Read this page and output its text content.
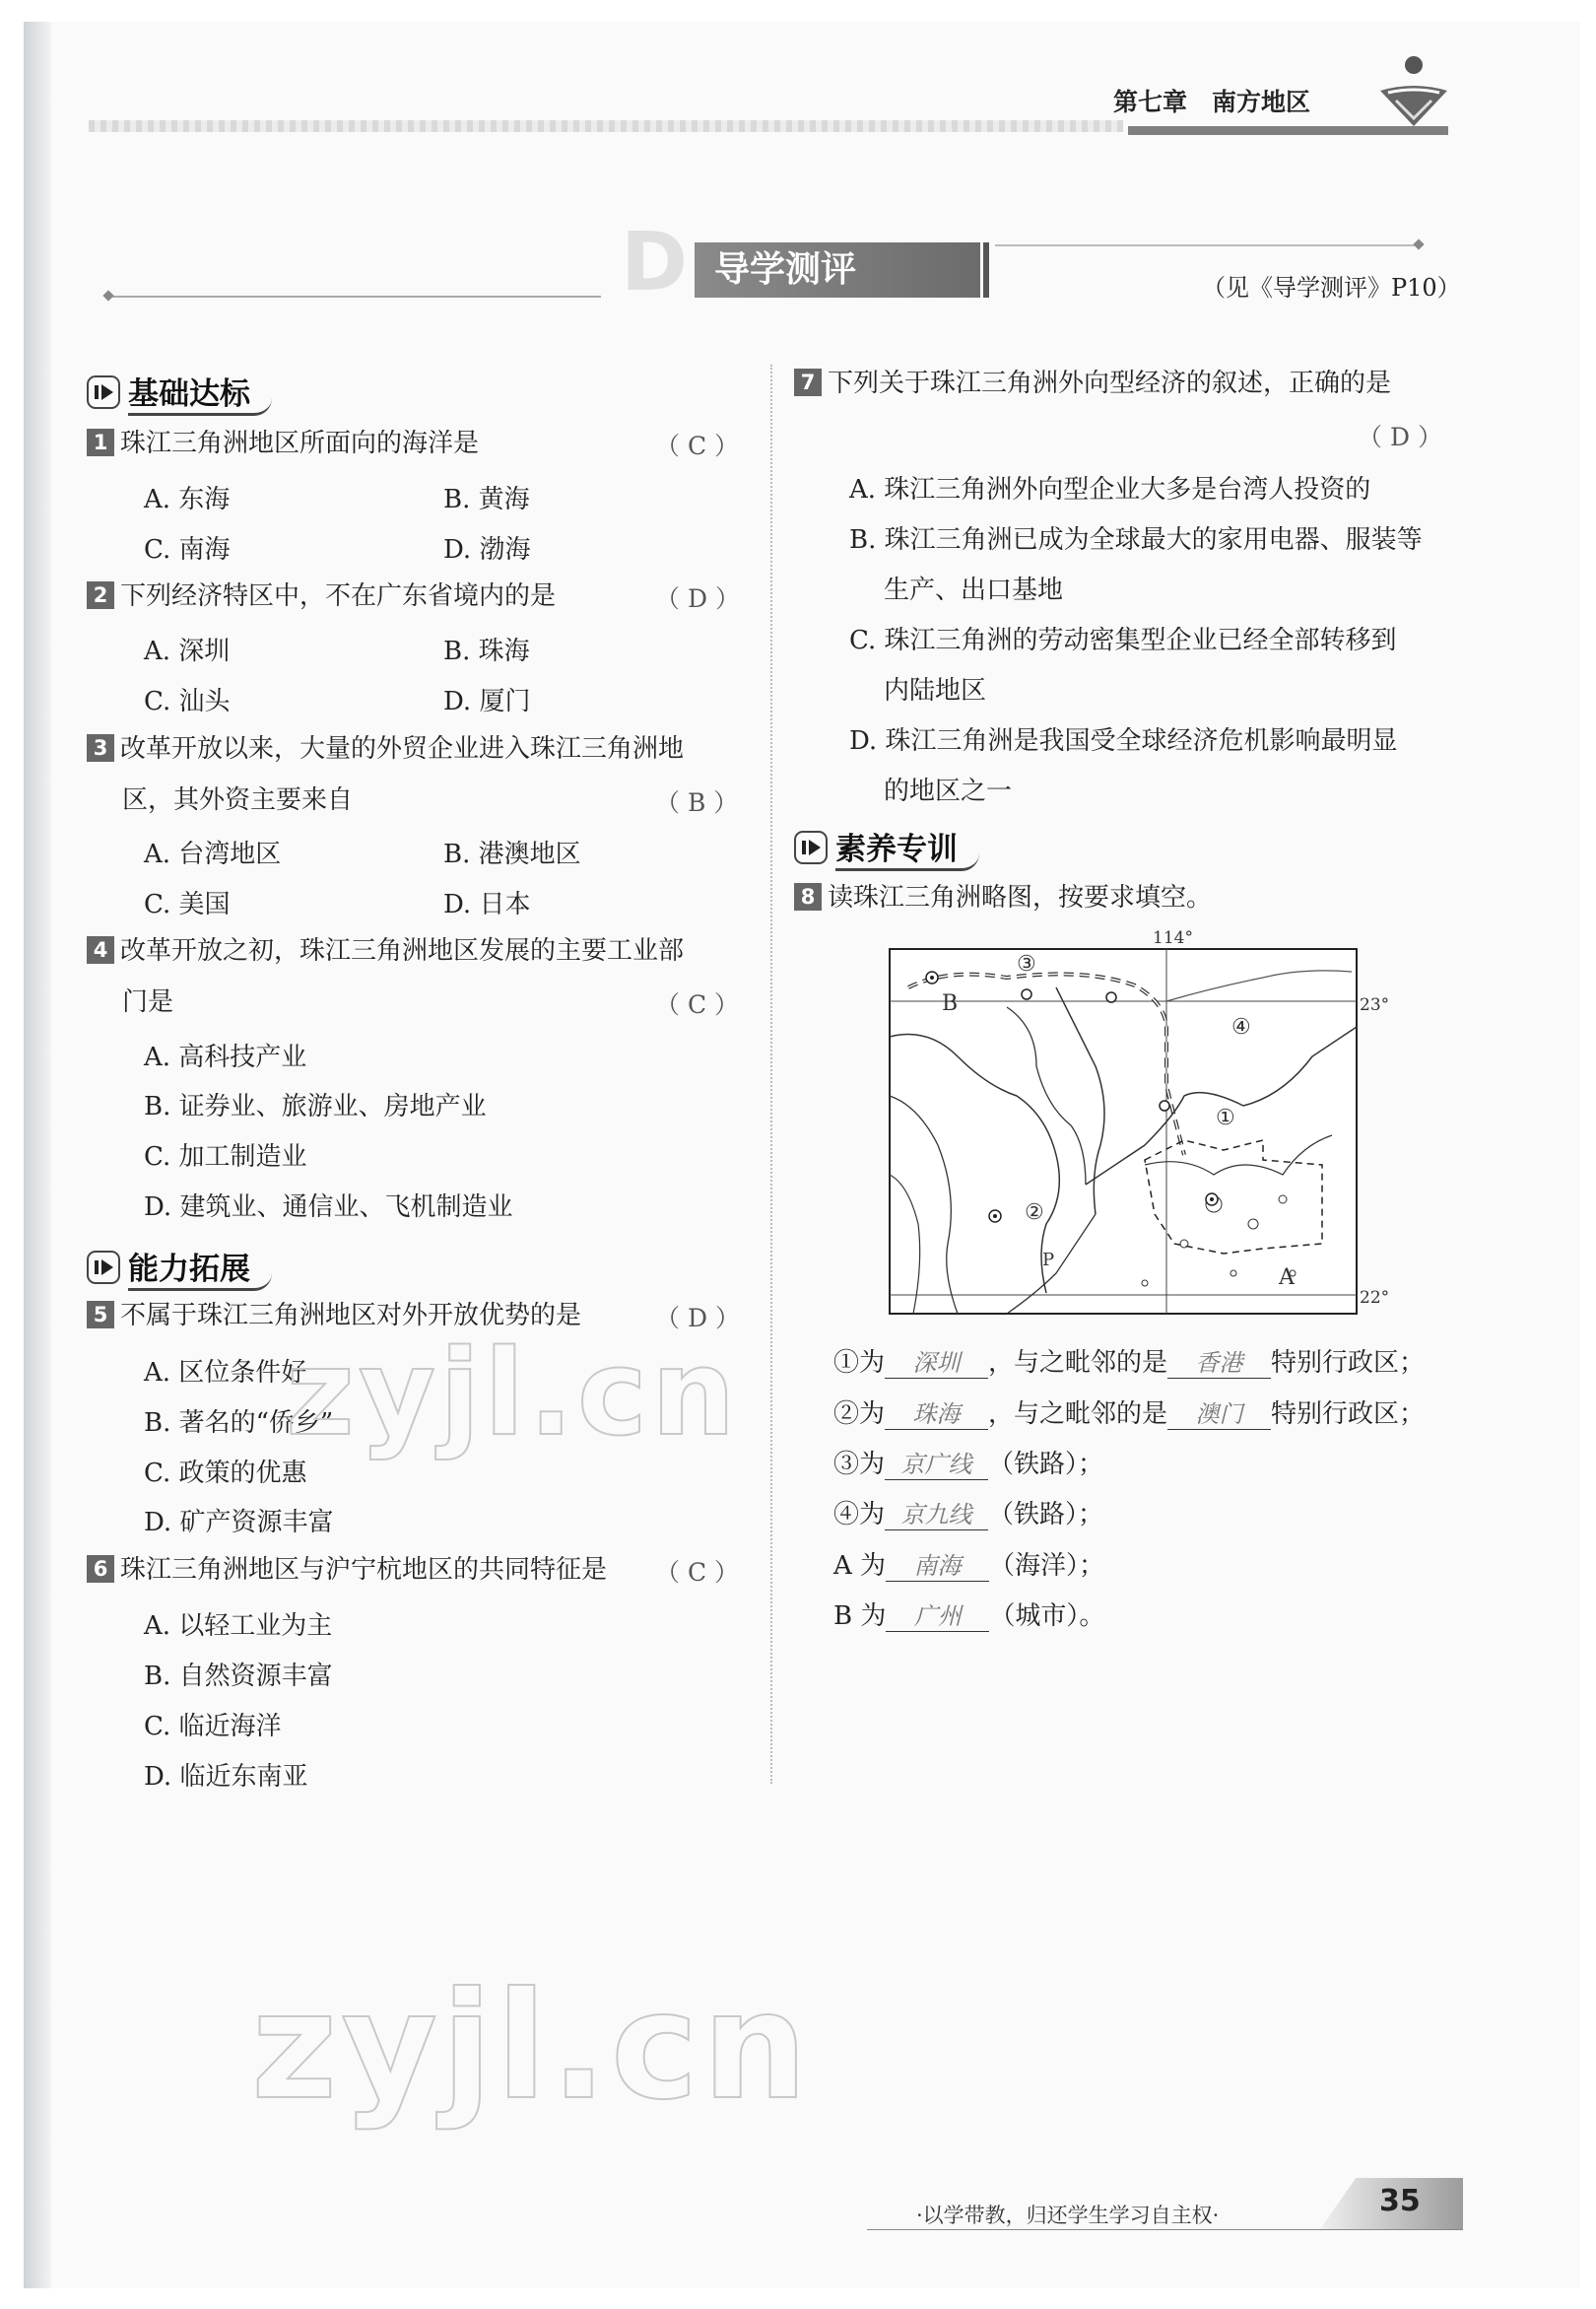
第七章　南方地区
D 导学测评	（见《导学测评》P10）
基础达标
1 珠江三角洲地区所面向的海洋是	（ C ）
A. 东海	B. 黄海
C. 南海	D. 渤海
2 下列经济特区中，不在广东省境内的是	（ D ）
A. 深圳	B. 珠海
C. 汕头	D. 厦门
3 改革开放以来，大量的外贸企业进入珠江三角洲地
区，其外资主要来自	（ B ）
A. 台湾地区	B. 港澳地区
C. 美国	D. 日本
4 改革开放之初，珠江三角洲地区发展的主要工业部
门是	（ C ）
A. 高科技产业
B. 证券业、旅游业、房地产业
C. 加工制造业
D. 建筑业、通信业、飞机制造业
能力拓展
5 不属于珠江三角洲地区对外开放优势的是	（ D ）
A. 区位条件好
B. 著名的“侨乡”
C. 政策的优惠
D. 矿产资源丰富
6 珠江三角洲地区与沪宁杭地区的共同特征是 （ C ）
A. 以轻工业为主
B. 自然资源丰富
C. 临近海洋
D. 临近东南亚
7 下列关于珠江三角洲外向型经济的叙述，正确的是
（ D ）
A. 珠江三角洲外向型企业大多是台湾人投资的
B. 珠江三角洲已成为全球最大的家用电器、服装等
生产、出口基地
C. 珠江三角洲的劳动密集型企业已经全部转移到
内陆地区
D. 珠江三角洲是我国受全球经济危机影响最明显
的地区之一
素养专训
8 读珠江三角洲略图，按要求填空。
114°
23°
22°
③
B
④
①
②
P
A
①为 深圳 ，与之毗邻的是 香港 特别行政区；
②为 珠海 ，与之毗邻的是 澳门 特别行政区；
③为 京广线 （铁路）；
④为 京九线 （铁路）；
A 为 南海 （海洋）；
B 为 广州 （城市）。
zyjl.cn
zyjl.cn
·以学带教，归还学生学习自主权·	35
